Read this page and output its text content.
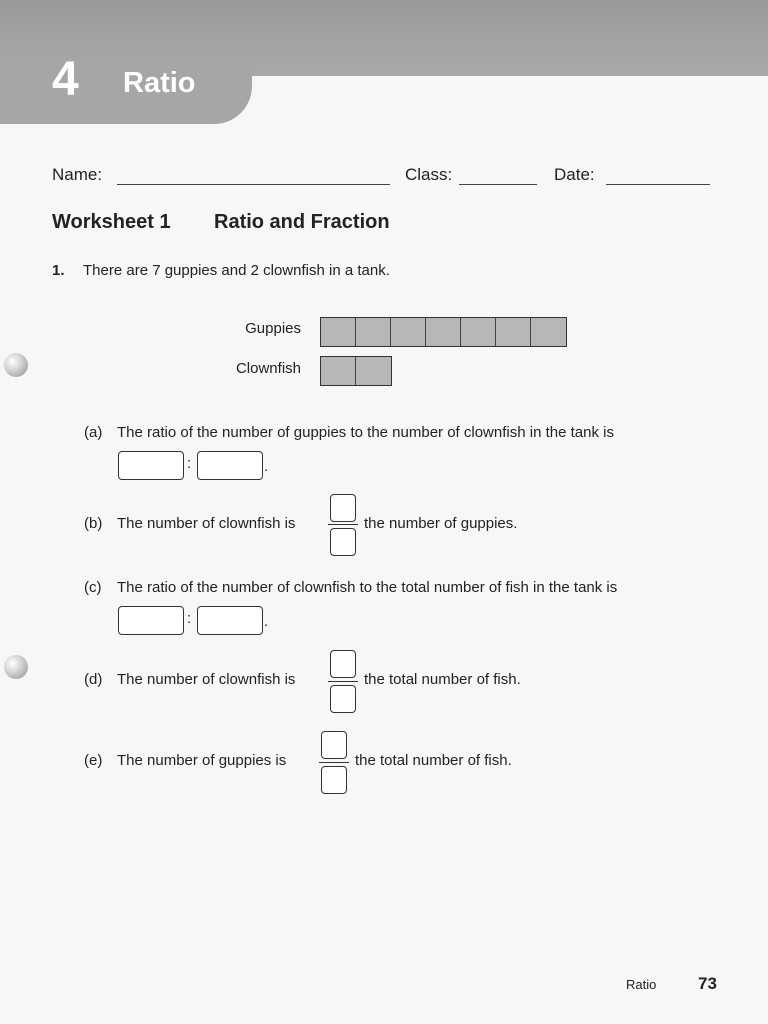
4 Ratio
Name:	Class:	Date:
Worksheet 1 Ratio and Fraction
1. There are 7 guppies and 2 clownfish in a tank.
Guppies
Clownfish
(a) The ratio of the number of guppies to the number of clownfish in the tank is
:	.
(b) The number of clownfish is	the number of guppies.
(c) The ratio of the number of clownfish to the total number of fish in the tank is
:	.
(d) The number of clownfish is	the total number of fish.
(e) The number of guppies is	the total number of fish.
Ratio 73
